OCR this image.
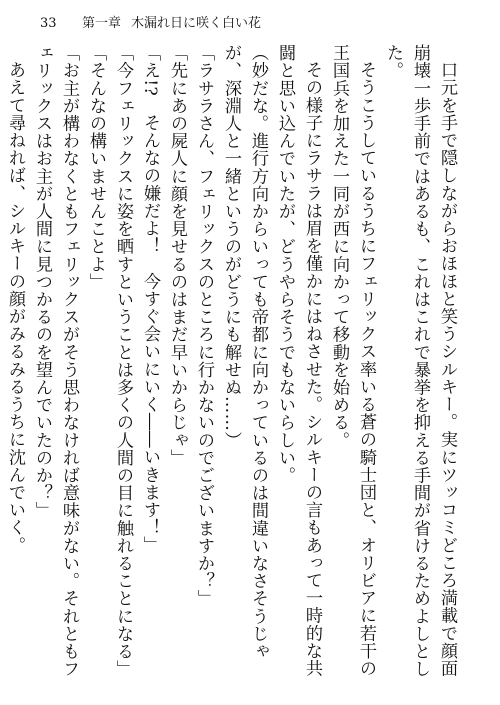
33 第一章 木漏れ日に咲く白い花

口元を手で隠しながらおほほと笑うシルキー。実にツッコミどころ満載で顔面崩壊一歩手前ではあるも、これはこれで暴挙を抑える手間が省けるためよしとした。

そうこうしているうちにフェリックス率いる蒼の騎士団と、オリビアに若干の王国兵を加えた一同が西に向かって移動を始める。

その様子にラサラは眉を僅かにはねさせた。シルキーの言もあって一時的な共闘と思い込んでいたが、どうやらそうでもないらしい。

（妙だな。進行方向からいっても帝都に向かっているのは間違いなさそうじゃが、深淵人と一緒というのがどうにも解せぬ……）

「ラサラさん、フェリックスのところに行かないのでございますか？」

「先にあの屍人に顔を見せるのはまだ早いからじゃ」

「え!?　そんなの嫌だよ！　今すぐ会いにいく――いきます！」

「今フェリックスに姿を晒すということは多くの人間の目に触れることになる」

「そんなの構いませんことよ」

「お主が構わなくともフェリックスがそう思わなければ意味がない。それともフェリックスはお主が人間に見つかるのを望んでいたのか？」

あえて尋ねれば、シルキーの顔がみるみるうちに沈んでいく。
